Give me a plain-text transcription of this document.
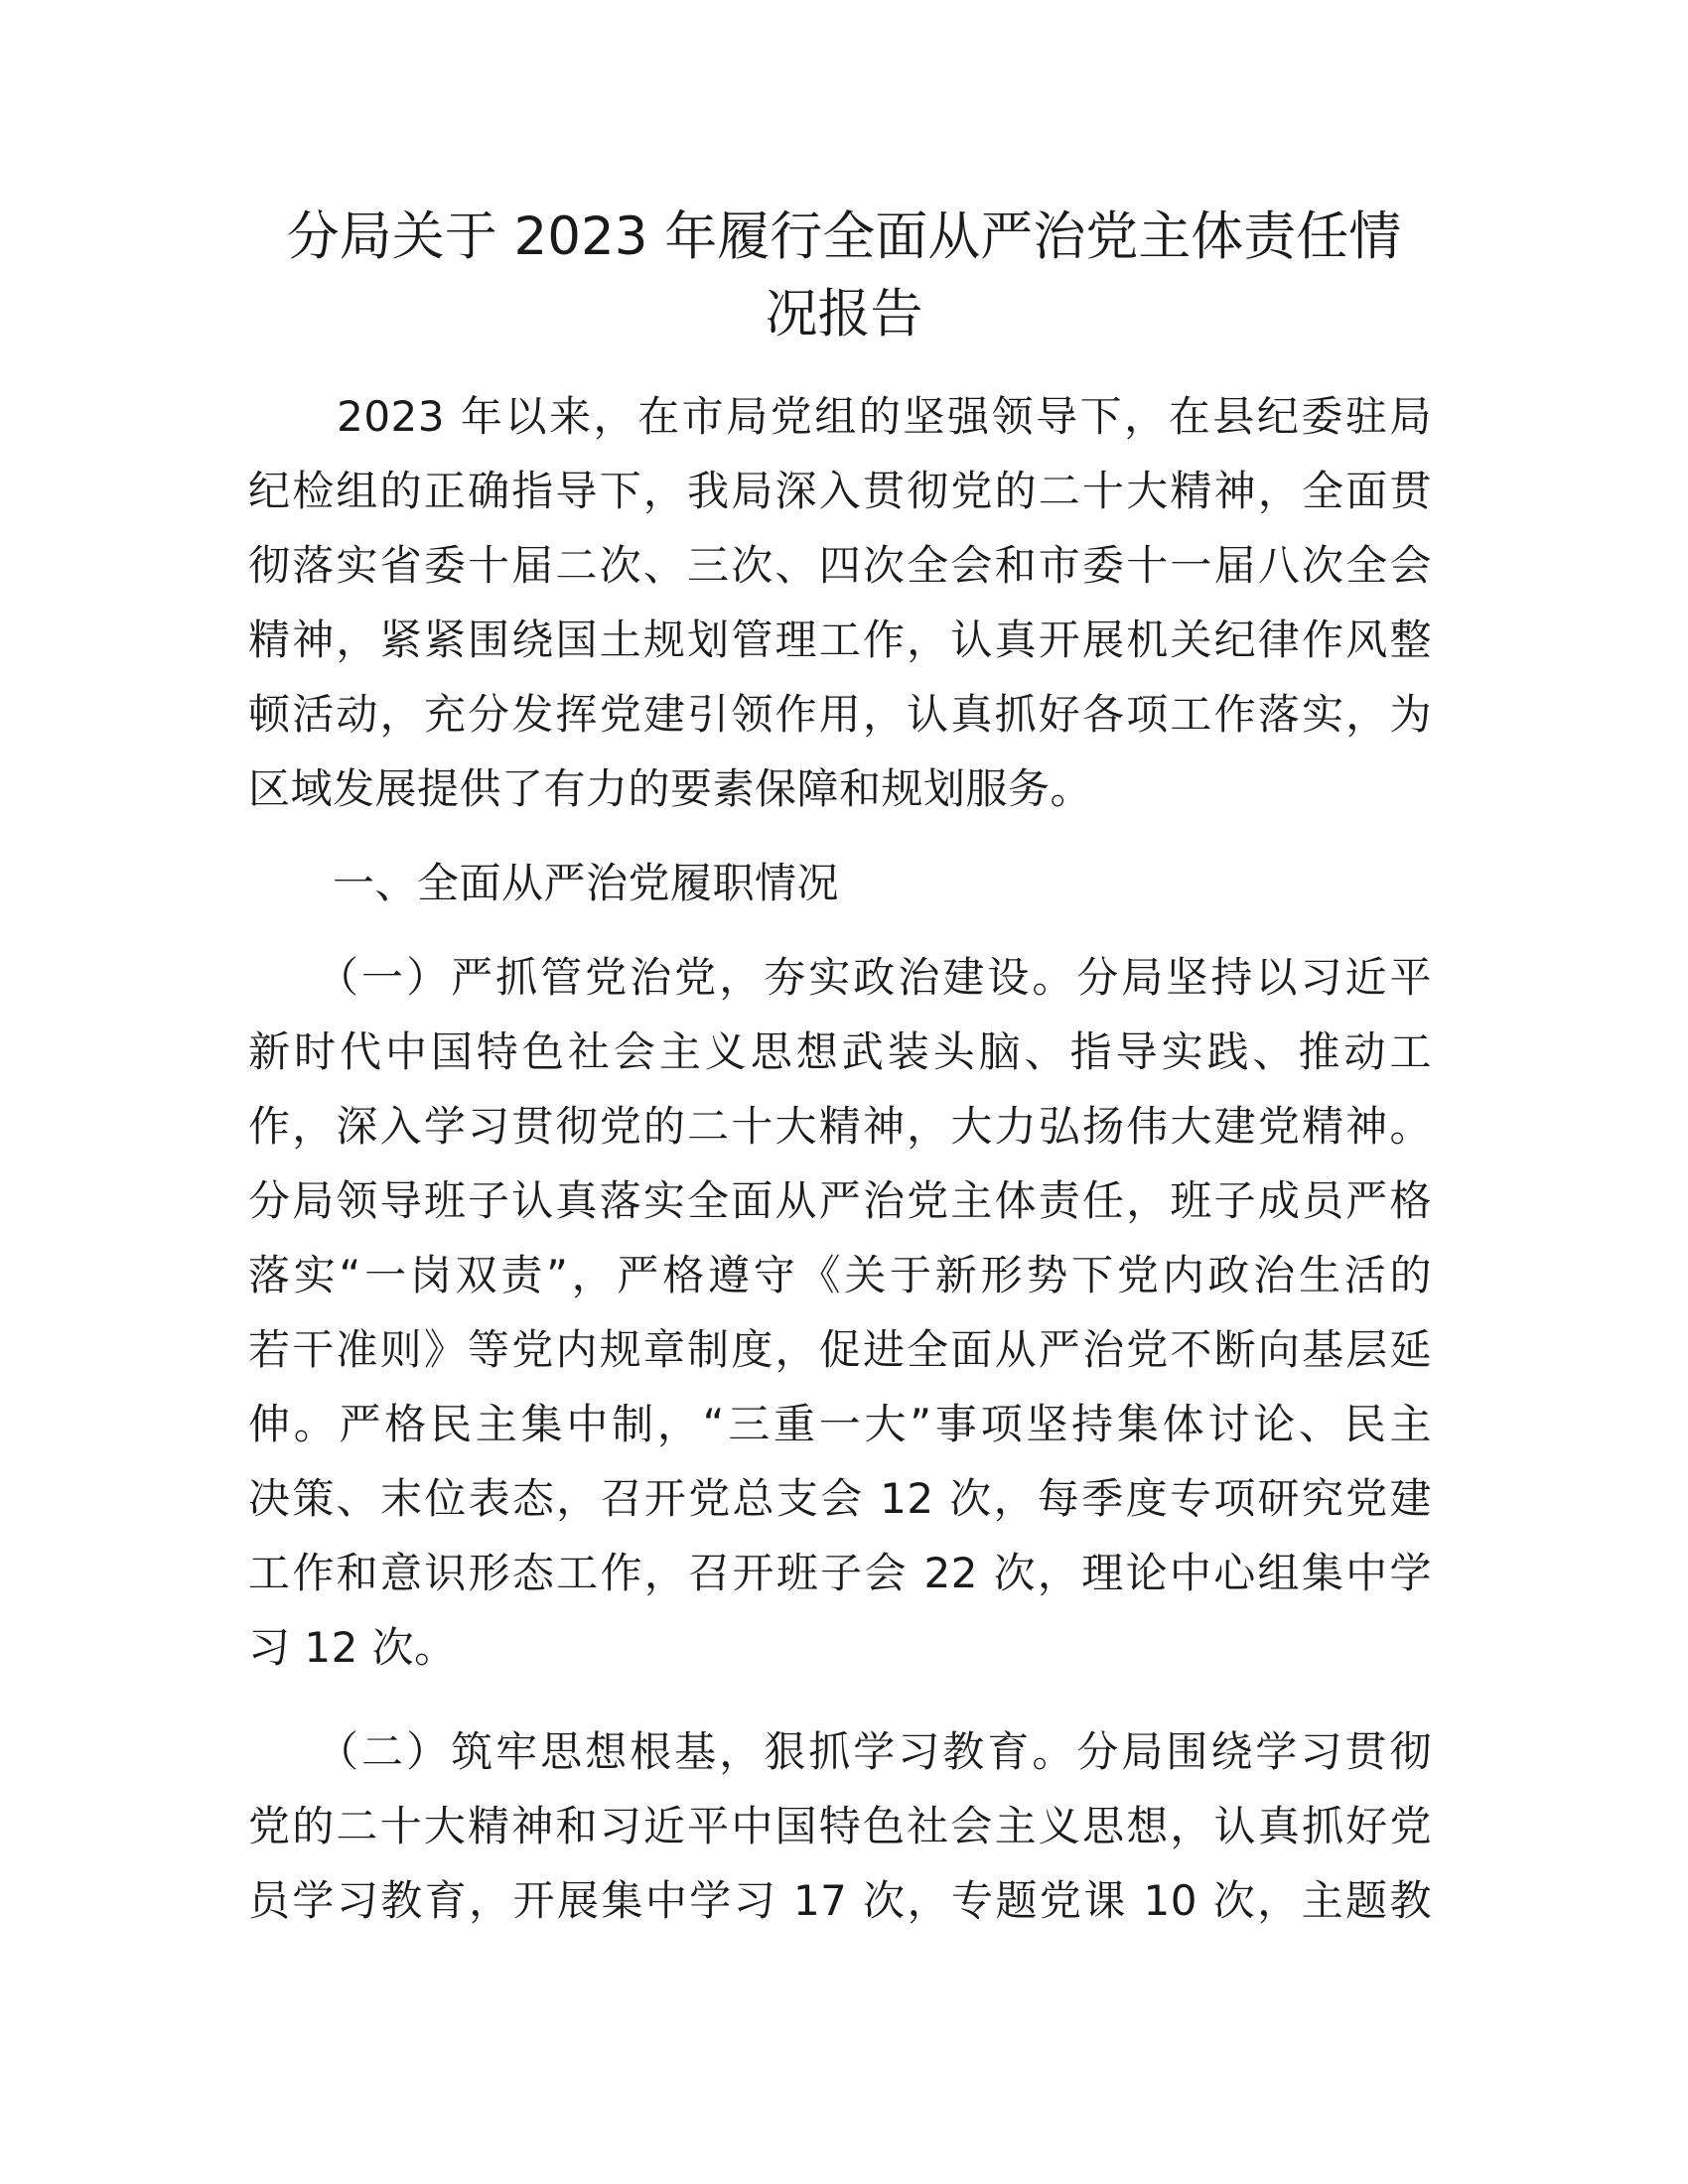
分局关于 2023 年履行全面从严治党主体责任情
况报告

　　2023 年以来，在市局党组的坚强领导下，在县纪委驻局

纪检组的正确指导下，我局深入贯彻党的二十大精神，全面贯

彻落实省委十届二次、三次、四次全会和市委十一届八次全会

精神，紧紧围绕国土规划管理工作，认真开展机关纪律作风整

顿活动，充分发挥党建引领作用，认真抓好各项工作落实，为

区域发展提供了有力的要素保障和规划服务。

　　一、全面从严治党履职情况

　　（一）严抓管党治党，夯实政治建设。分局坚持以习近平

新时代中国特色社会主义思想武装头脑、指导实践、推动工

作，深入学习贯彻党的二十大精神，大力弘扬伟大建党精神。

分局领导班子认真落实全面从严治党主体责任，班子成员严格

落实“一岗双责”，严格遵守《关于新形势下党内政治生活的

若干准则》等党内规章制度，促进全面从严治党不断向基层延

伸。严格民主集中制，“三重一大”事项坚持集体讨论、民主

决策、末位表态，召开党总支会 12 次，每季度专项研究党建

工作和意识形态工作，召开班子会 22 次，理论中心组集中学

习 12 次。

　　（二）筑牢思想根基，狠抓学习教育。分局围绕学习贯彻

党的二十大精神和习近平中国特色社会主义思想，认真抓好党

员学习教育，开展集中学习 17 次，专题党课 10 次，主题教
